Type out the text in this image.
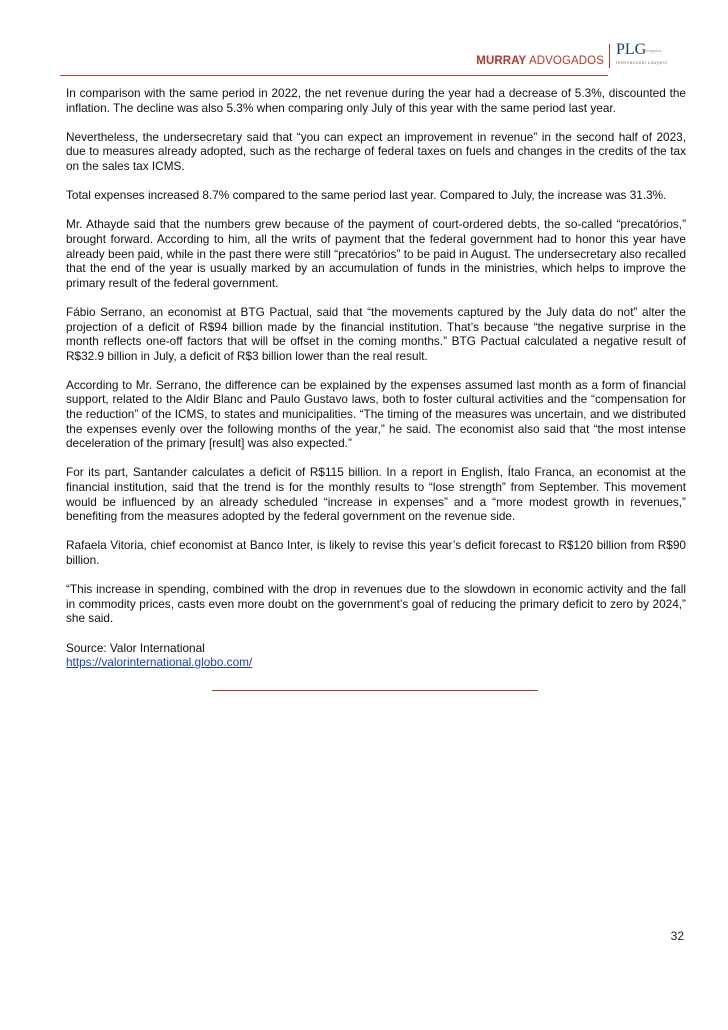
MURRAY ADVOGADOS
PLG
advogados
International Lawyers

In comparison with the same period in 2022, the net revenue during the year had a decrease of 5.3%, discounted the inflation. The decline was also 5.3% when comparing only July of this year with the same period last year.

Nevertheless, the undersecretary said that “you can expect an improvement in revenue” in the second half of 2023, due to measures already adopted, such as the recharge of federal taxes on fuels and changes in the credits of the tax on the sales tax ICMS.

Total expenses increased 8.7% compared to the same period last year. Compared to July, the increase was 31.3%.

Mr. Athayde said that the numbers grew because of the payment of court-ordered debts, the so-called “precatórios,” brought forward. According to him, all the writs of payment that the federal government had to honor this year have already been paid, while in the past there were still “precatórios” to be paid in August. The undersecretary also recalled that the end of the year is usually marked by an accumulation of funds in the ministries, which helps to improve the primary result of the federal government.

Fábio Serrano, an economist at BTG Pactual, said that “the movements captured by the July data do not” alter the projection of a deficit of R$94 billion made by the financial institution. That’s because “the negative surprise in the month reflects one-off factors that will be offset in the coming months.” BTG Pactual calculated a negative result of R$32.9 billion in July, a deficit of R$3 billion lower than the real result.

According to Mr. Serrano, the difference can be explained by the expenses assumed last month as a form of financial support, related to the Aldir Blanc and Paulo Gustavo laws, both to foster cultural activities and the “compensation for the reduction” of the ICMS, to states and municipalities. “The timing of the measures was uncertain, and we distributed the expenses evenly over the following months of the year,” he said. The economist also said that “the most intense deceleration of the primary [result] was also expected.”

For its part, Santander calculates a deficit of R$115 billion. In a report in English, Ítalo Franca, an economist at the financial institution, said that the trend is for the monthly results to “lose strength” from September. This movement would be influenced by an already scheduled “increase in expenses” and a “more modest growth in revenues,” benefiting from the measures adopted by the federal government on the revenue side.

Rafaela Vitoria, chief economist at Banco Inter, is likely to revise this year’s deficit forecast to R$120 billion from R$90 billion.

“This increase in spending, combined with the drop in revenues due to the slowdown in economic activity and the fall in commodity prices, casts even more doubt on the government’s goal of reducing the primary deficit to zero by 2024,” she said.

Source: Valor International
https://valorinternational.globo.com/
32
